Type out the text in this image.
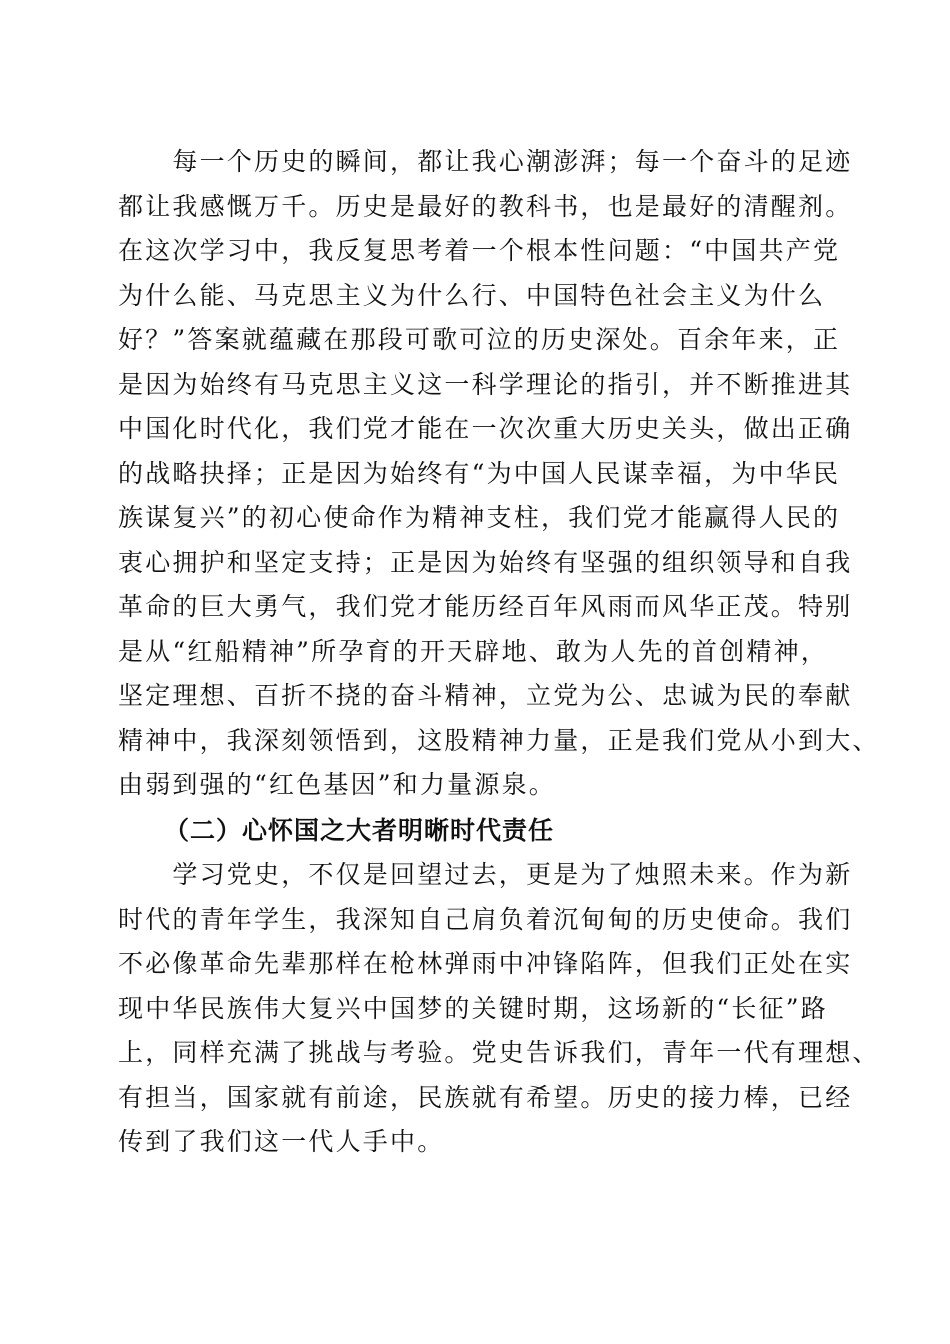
　　每一个历史的瞬间，都让我心潮澎湃；每一个奋斗的足迹
都让我感慨万千。历史是最好的教科书，也是最好的清醒剂。
在这次学习中，我反复思考着一个根本性问题：“中国共产党
为什么能、马克思主义为什么行、中国特色社会主义为什么
好？”答案就蕴藏在那段可歌可泣的历史深处。百余年来，正
是因为始终有马克思主义这一科学理论的指引，并不断推进其
中国化时代化，我们党才能在一次次重大历史关头，做出正确
的战略抉择；正是因为始终有“为中国人民谋幸福，为中华民
族谋复兴”的初心使命作为精神支柱，我们党才能赢得人民的
衷心拥护和坚定支持；正是因为始终有坚强的组织领导和自我
革命的巨大勇气，我们党才能历经百年风雨而风华正茂。特别
是从“红船精神”所孕育的开天辟地、敢为人先的首创精神，
坚定理想、百折不挠的奋斗精神，立党为公、忠诚为民的奉献
精神中，我深刻领悟到，这股精神力量，正是我们党从小到大、
由弱到强的“红色基因”和力量源泉。
（二）心怀国之大者明晰时代责任
　　学习党史，不仅是回望过去，更是为了烛照未来。作为新
时代的青年学生，我深知自己肩负着沉甸甸的历史使命。我们
不必像革命先辈那样在枪林弹雨中冲锋陷阵，但我们正处在实
现中华民族伟大复兴中国梦的关键时期，这场新的“长征”路
上，同样充满了挑战与考验。党史告诉我们，青年一代有理想、
有担当，国家就有前途，民族就有希望。历史的接力棒，已经
传到了我们这一代人手中。
